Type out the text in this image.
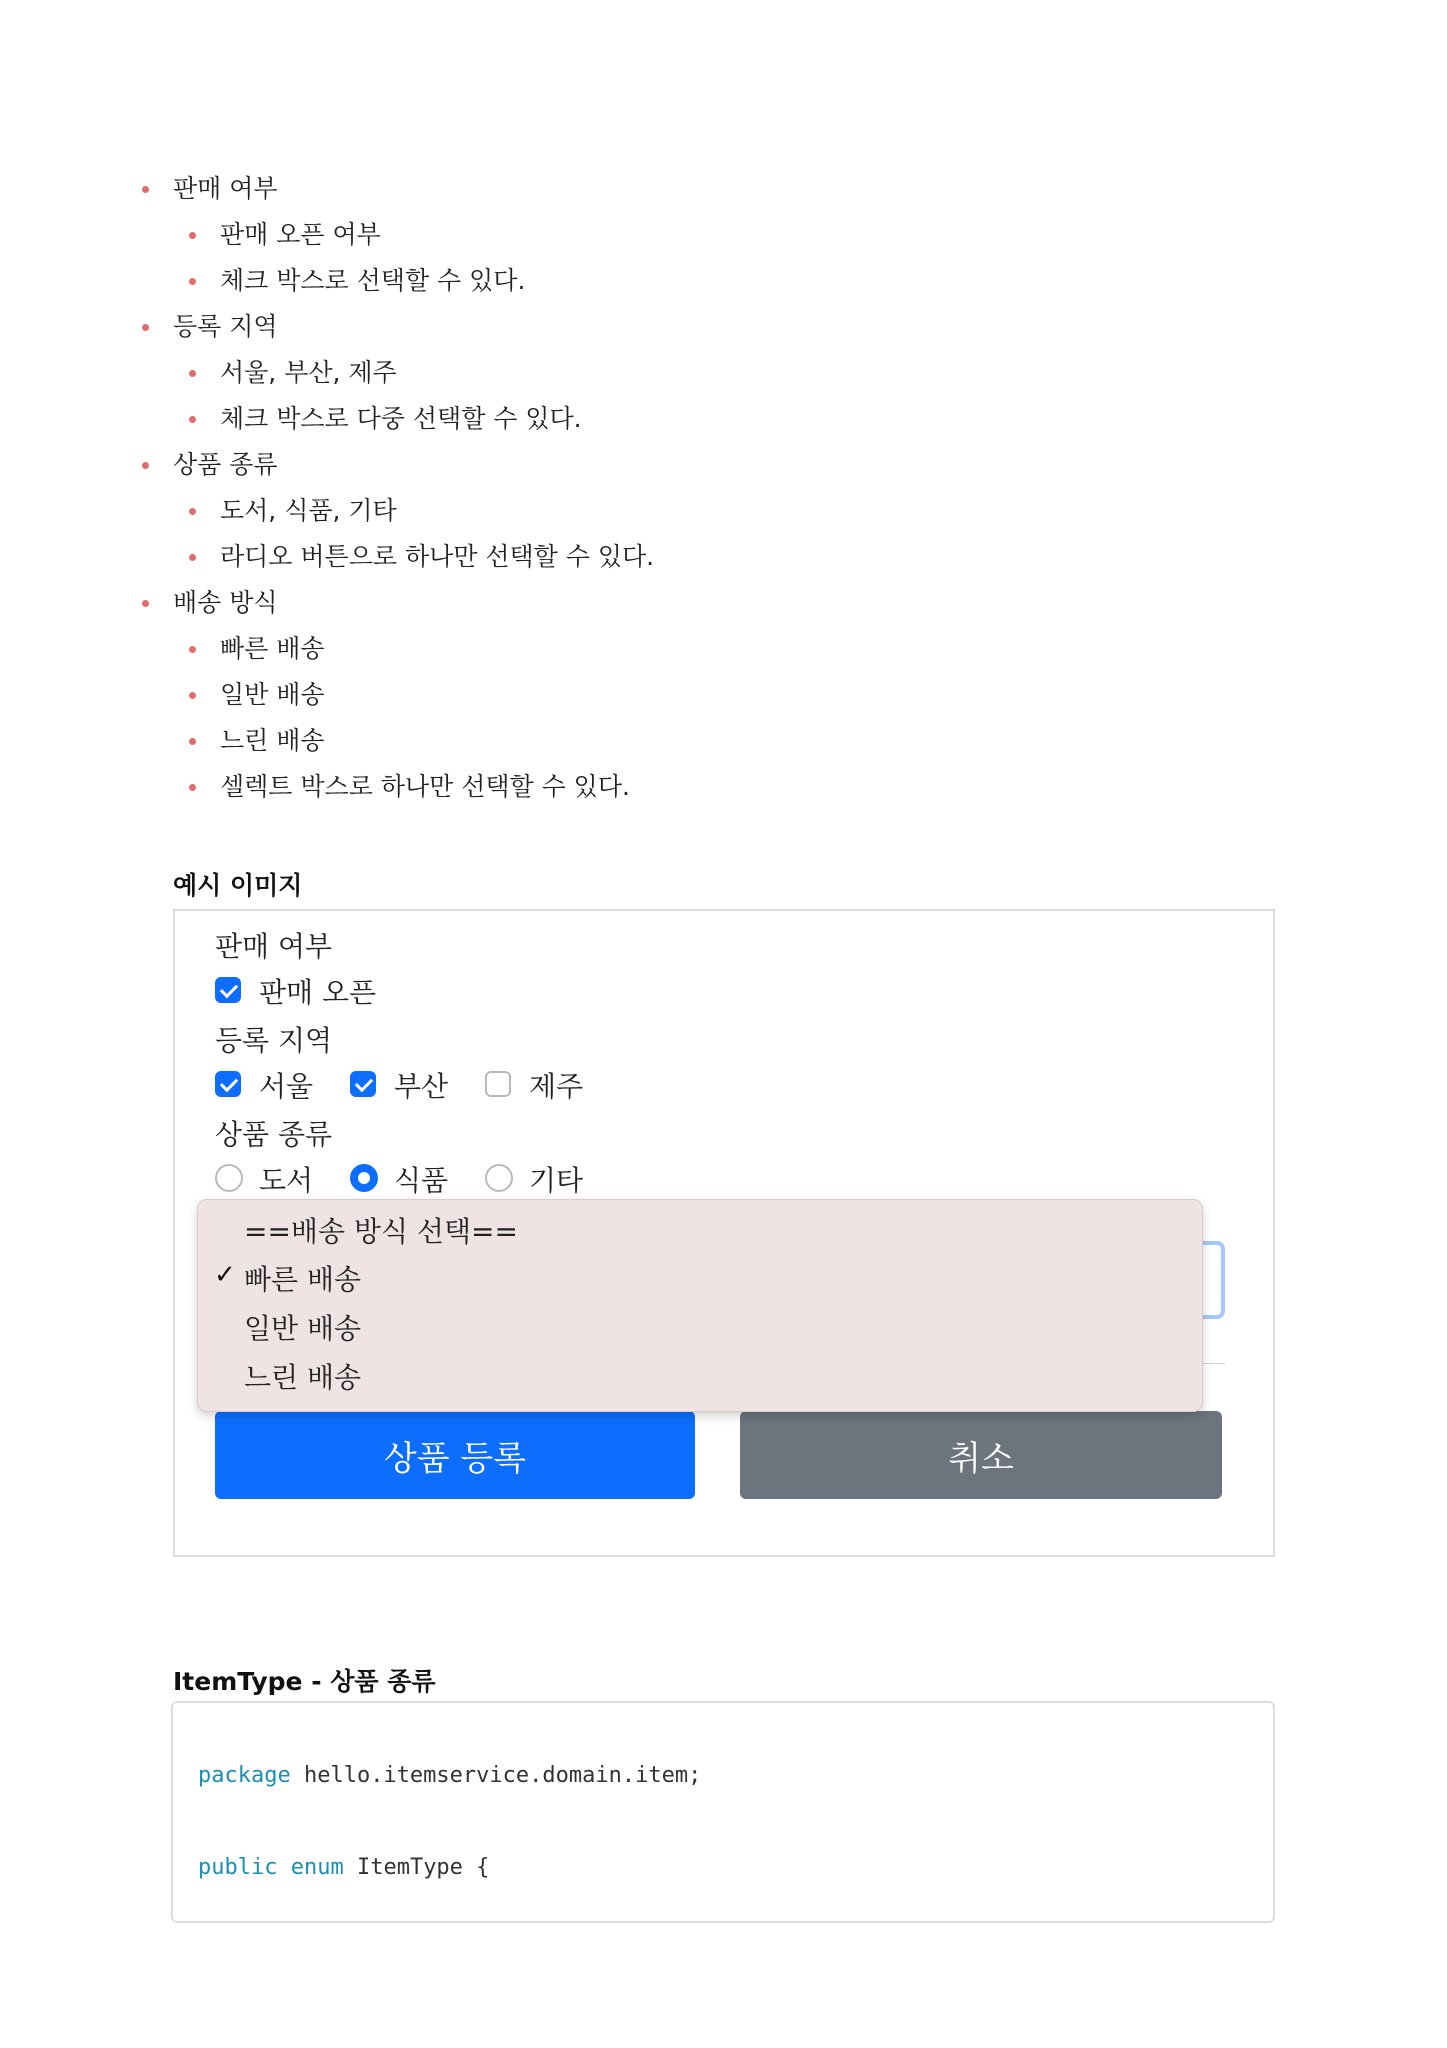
판매 여부
판매 오픈 여부
체크 박스로 선택할 수 있다.
등록 지역
서울, 부산, 제주
체크 박스로 다중 선택할 수 있다.
상품 종류
도서, 식품, 기타
라디오 버튼으로 하나만 선택할 수 있다.
배송 방식
빠른 배송
일반 배송
느린 배송
셀렉트 박스로 하나만 선택할 수 있다.
예시 이미지
판매 여부
판매 오픈
등록 지역
서울	부산	제주
상품 종류
도서	식품	기타
상품 등록	취소
==배송 방식 선택==
✓ 빠른 배송
일반 배송
느린 배송
ItemType - 상품 종류
package hello.itemservice.domain.item;
public enum ItemType {
